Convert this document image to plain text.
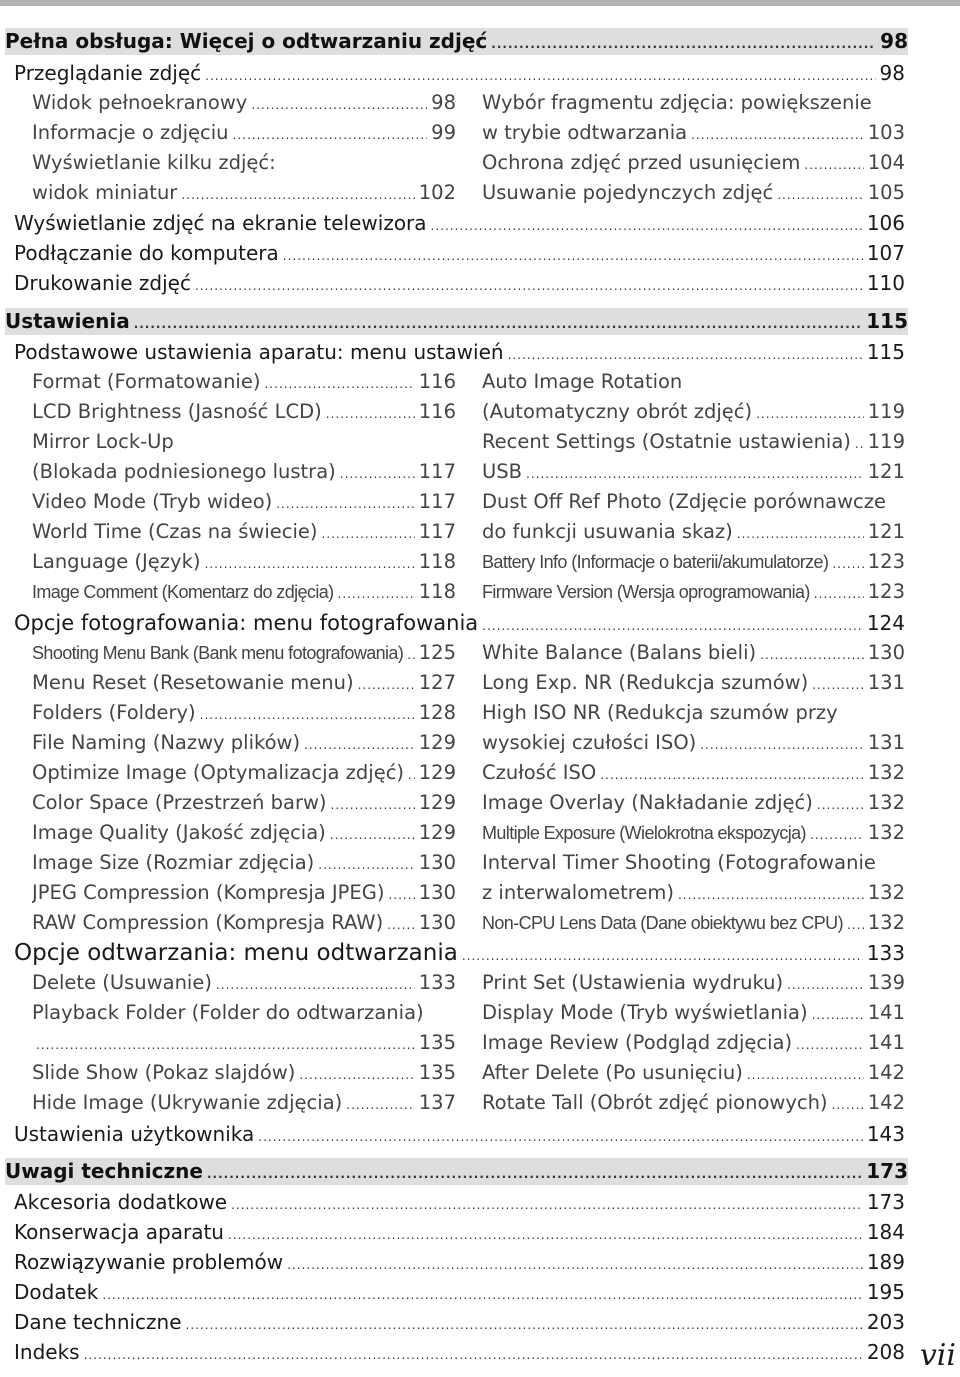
Pełna obsługa: Więcej o odtwarzaniu zdjęć .....	98
Przeglądanie zdjęć .....	98
Widok pełnoekranowy .....	98
Informacje o zdjęciu .....	99
Wyświetlanie kilku zdjęć:
widok miniatur .....	102
Wybór fragmentu zdjęcia: powiększenie
w trybie odtwarzania .....	103
Ochrona zdjęć przed usunięciem .....	104
Usuwanie pojedynczych zdjęć .....	105
Wyświetlanie zdjęć na ekranie telewizora .....	106
Podłączanie do komputera .....	107
Drukowanie zdjęć .....	110
Ustawienia .....	115
Podstawowe ustawienia aparatu: menu ustawień .....	115
Format (Formatowanie) .....	116
LCD Brightness (Jasność LCD) .....	116
Mirror Lock-Up
(Blokada podniesionego lustra) .....	117
Video Mode (Tryb wideo) .....	117
World Time (Czas na świecie) .....	117
Language (Język) .....	118
Image Comment (Komentarz do zdjęcia) .....	118
Auto Image Rotation
(Automatyczny obrót zdjęć) .....	119
Recent Settings (Ostatnie ustawienia) ..... 119
USB .....	121
Dust Off Ref Photo (Zdjęcie porównawcze
do funkcji usuwania skaz) .....	121
Battery Info (Informacje o baterii/akumulatorze) ..... 123
Firmware Version (Wersja oprogramowania) .....	123
Opcje fotografowania: menu fotografowania .....	124
Shooting Menu Bank (Bank menu fotografowania) ..... 125
Menu Reset (Resetowanie menu) .....	127
Folders (Foldery) .....	128
File Naming (Nazwy plików) .....	129
Optimize Image (Optymalizacja zdjęć) ..... 129
Color Space (Przestrzeń barw) .....	129
Image Quality (Jakość zdjęcia) .....	129
Image Size (Rozmiar zdjęcia) .....	130
JPEG Compression (Kompresja JPEG) ..... 130
RAW Compression (Kompresja RAW) ..... 130
White Balance (Balans bieli) .....	130
Long Exp. NR (Redukcja szumów) .....	131
High ISO NR (Redukcja szumów przy
wysokiej czułości ISO) .....	131
Czułość ISO .....	132
Image Overlay (Nakładanie zdjęć) .....	132
Multiple Exposure (Wielokrotna ekspozycja) .....	132
Interval Timer Shooting (Fotografowanie
z interwalometrem) .....	132
Non-CPU Lens Data (Dane obiektywu bez CPU) ..... 132
Opcje odtwarzania: menu odtwarzania .....	133
Delete (Usuwanie) .....	133
Playback Folder (Folder do odtwarzania)
.....
135
Slide Show (Pokaz slajdów) .....	135
Hide Image (Ukrywanie zdjęcia) .....	137
Print Set (Ustawienia wydruku) .....	139
Display Mode (Tryb wyświetlania) .....	141
Image Review (Podgląd zdjęcia) .....	141
After Delete (Po usunięciu) .....	142
Rotate Tall (Obrót zdjęć pionowych) ..... 142
Ustawienia użytkownika .....	143
Uwagi techniczne .....	173
Akcesoria dodatkowe .....	173
Konserwacja aparatu .....	184
Rozwiązywanie problemów .....	189
Dodatek .....	195
Dane techniczne .....	203
Indeks .....	208 vii
